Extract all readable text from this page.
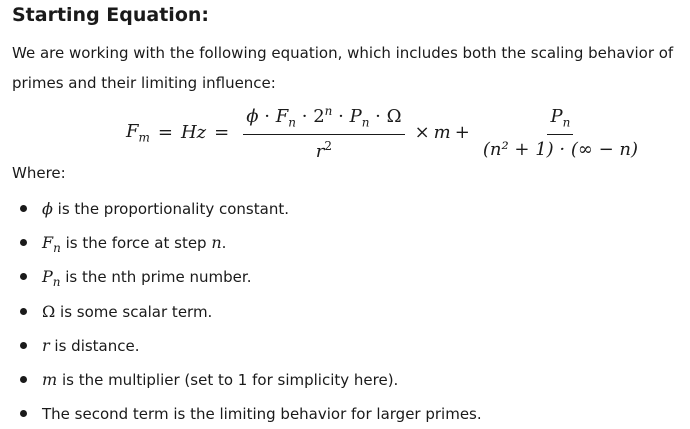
Starting Equation:
We are working with the following equation, which includes both the scaling behavior of primes and their limiting influence:
$F_m = Hz$ =
$\phi \cdot F_n \cdot 2^n \cdot P_n \cdot \Omega$
$r^2$
× $m + \frac{P_n}{\text{(n² + 1) · (∞ − n)}}$
Where:
ϕ is the proportionality constant.
$F_n$ is the force at step n.
$P_n$ is the nth prime number.
Ω is some scalar term.
r is distance.
m is the multiplier (set to 1 for simplicity here).
The second term is the limiting behavior for larger primes.
